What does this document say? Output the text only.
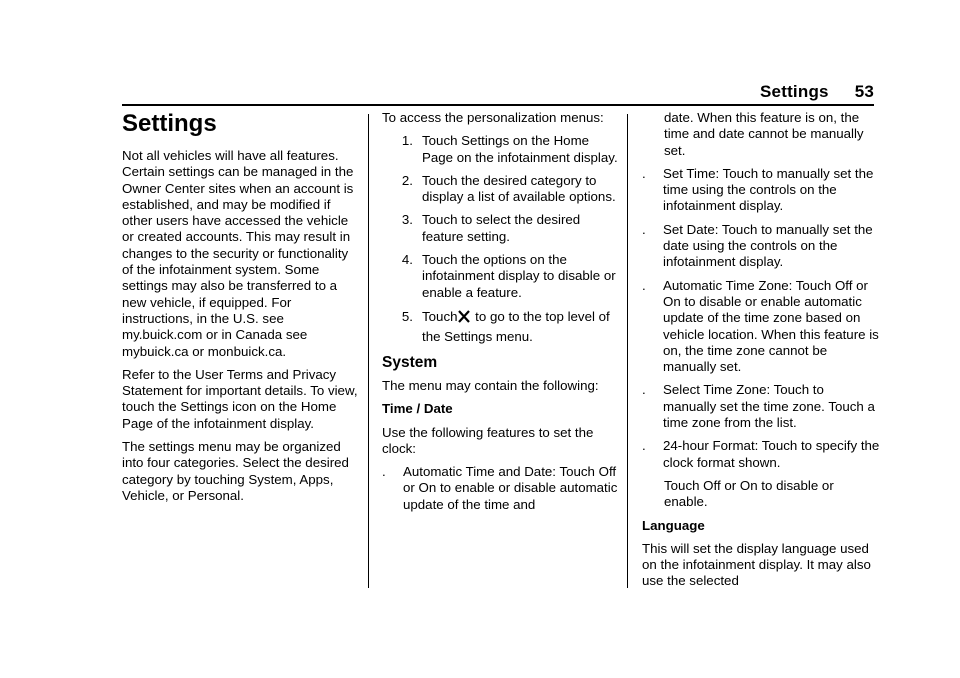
Settings 53
Settings

Not all vehicles will have all features. Certain settings can be managed in the Owner Center sites when an account is established, and may be modified if other users have accessed the vehicle or created accounts. This may result in changes to the security or functionality of the infotainment system. Some settings may also be transferred to a new vehicle, if equipped. For instructions, in the U.S. see my.buick.com or in Canada see mybuick.ca or monbuick.ca.

Refer to the User Terms and Privacy Statement for important details. To view, touch the Settings icon on the Home Page of the infotainment display.

The settings menu may be organized into four categories. Select the desired category by touching System, Apps, Vehicle, or Personal.

To access the personalization menus:

1. Touch Settings on the Home Page on the infotainment display.
2. Touch the desired category to display a list of available options.
3. Touch to select the desired feature setting.
4. Touch the options on the infotainment display to disable or enable a feature.
5. Touch to go to the top level of the Settings menu.
System

The menu may contain the following:

Time / Date

Use the following features to set the clock:

.	Automatic Time and Date: Touch Off or On to enable or disable automatic update of the time and

date. When this feature is on, the time and date cannot be manually set.

.	Set Time: Touch to manually set the time using the controls on the infotainment display.
.	Set Date: Touch to manually set the date using the controls on the infotainment display.
.	Automatic Time Zone: Touch Off or On to disable or enable automatic update of the time zone based on vehicle location. When this feature is on, the time zone cannot be manually set.
.	Select Time Zone: Touch to manually set the time zone. Touch a time zone from the list.
.	24-hour Format: Touch to specify the clock format shown.

Touch Off or On to disable or enable.

Language

This will set the display language used on the infotainment display. It may also use the selected
